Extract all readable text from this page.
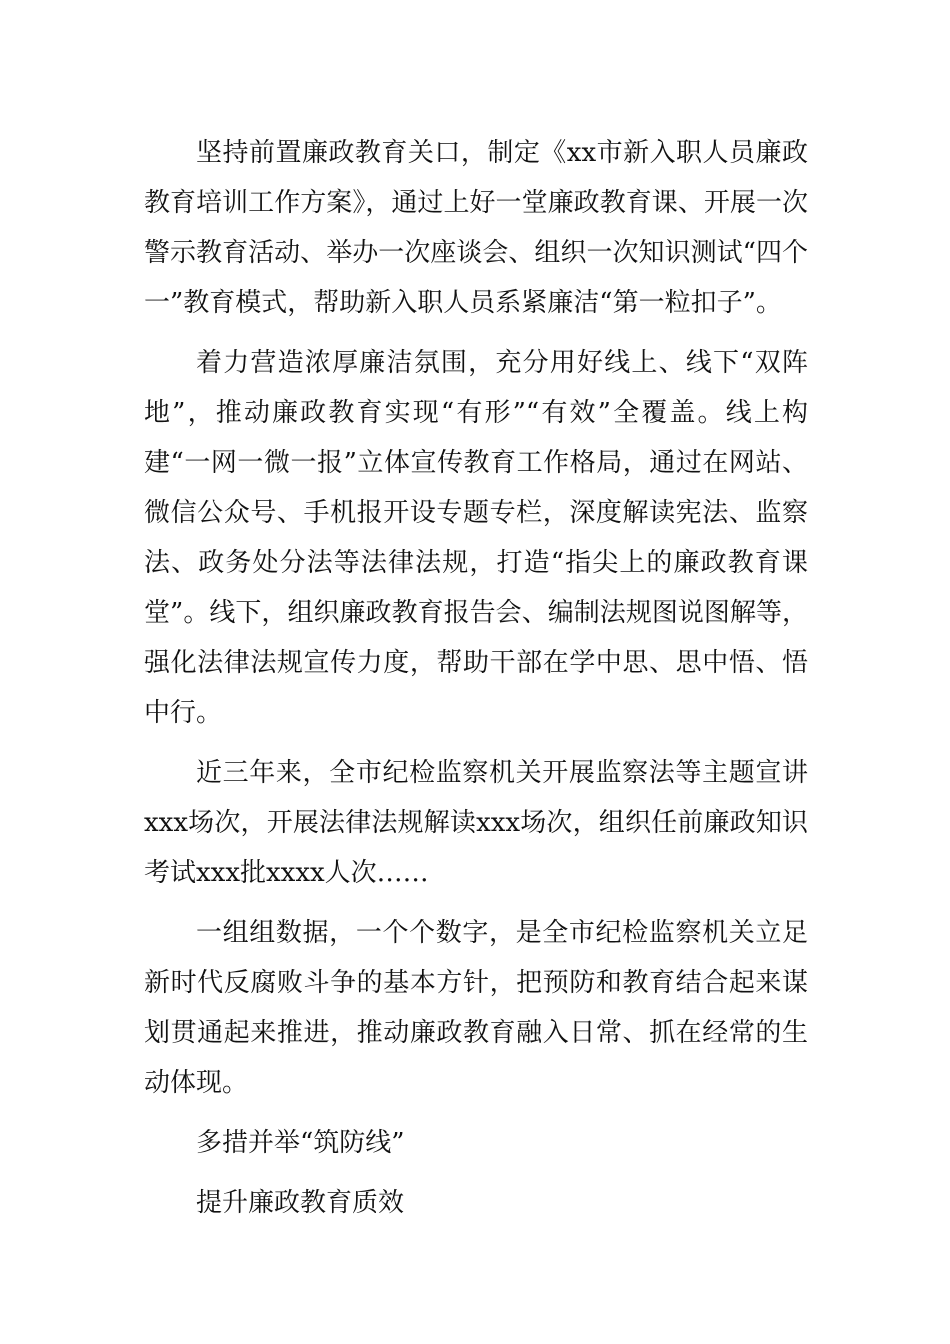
坚持前置廉政教育关口，制定《xx市新入职人员廉政教育培训工作方案》，通过上好一堂廉政教育课、开展一次警示教育活动、举办一次座谈会、组织一次知识测试“四个一”教育模式，帮助新入职人员系紧廉洁“第一粒扣子”。

着力营造浓厚廉洁氛围，充分用好线上、线下“双阵地”，推动廉政教育实现“有形”“有效”全覆盖。线上构建“一网一微一报”立体宣传教育工作格局，通过在网站、微信公众号、手机报开设专题专栏，深度解读宪法、监察法、政务处分法等法律法规，打造“指尖上的廉政教育课堂”。线下，组织廉政教育报告会、编制法规图说图解等，强化法律法规宣传力度，帮助干部在学中思、思中悟、悟中行。

近三年来，全市纪检监察机关开展监察法等主题宣讲xxx场次，开展法律法规解读xxx场次，组织任前廉政知识考试xxx批xxxx人次……

一组组数据，一个个数字，是全市纪检监察机关立足新时代反腐败斗争的基本方针，把预防和教育结合起来谋划贯通起来推进，推动廉政教育融入日常、抓在经常的生动体现。

多措并举“筑防线”

提升廉政教育质效
